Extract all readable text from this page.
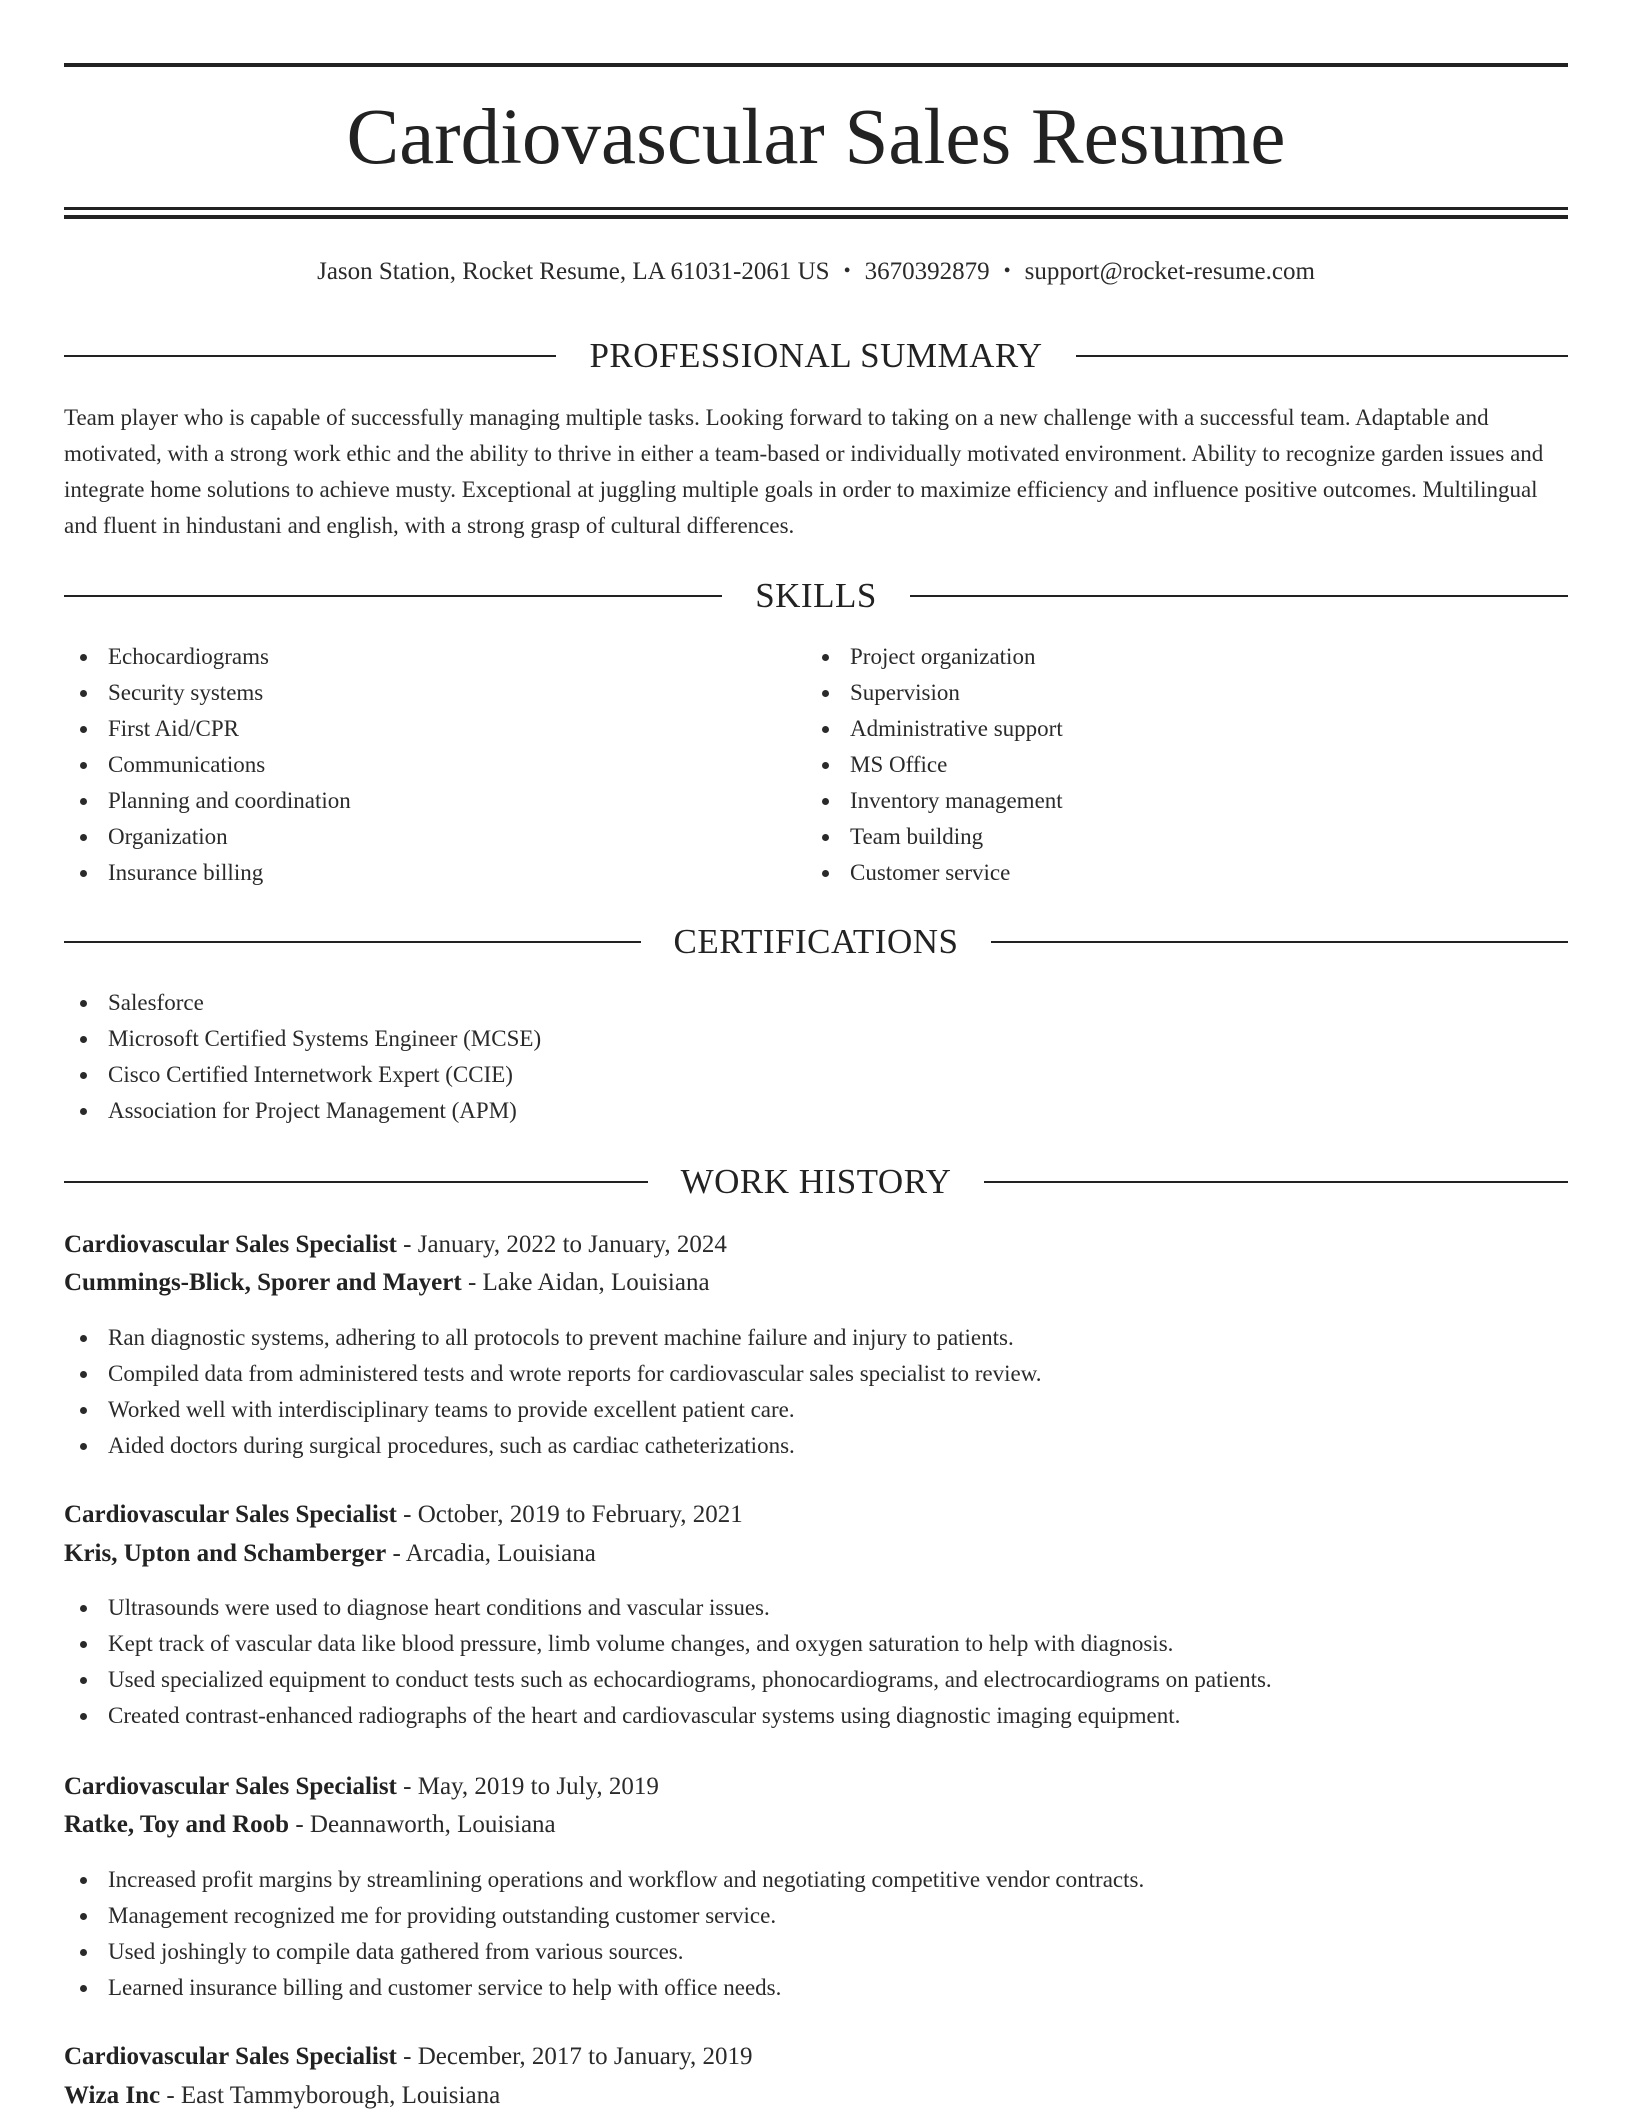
Cardiovascular Sales Resume
Jason Station, Rocket Resume, LA 61031-2061 US • 3670392879 • support@rocket-resume.com
PROFESSIONAL SUMMARY

Team player who is capable of successfully managing multiple tasks. Looking forward to taking on a new challenge with a successful team. Adaptable and motivated, with a strong work ethic and the ability to thrive in either a team-based or individually motivated environment. Ability to recognize garden issues and integrate home solutions to achieve musty. Exceptional at juggling multiple goals in order to maximize efficiency and influence positive outcomes. Multilingual and fluent in hindustani and english, with a strong grasp of cultural differences.

SKILLS
Echocardiograms
Security systems
First Aid/CPR
Communications
Planning and coordination
Organization
Insurance billing
Project organization
Supervision
Administrative support
MS Office
Inventory management
Team building
Customer service
CERTIFICATIONS
Salesforce
Microsoft Certified Systems Engineer (MCSE)
Cisco Certified Internetwork Expert (CCIE)
Association for Project Management (APM)
WORK HISTORY
Cardiovascular Sales Specialist - January, 2022 to January, 2024
Cummings-Blick, Sporer and Mayert - Lake Aidan, Louisiana
Ran diagnostic systems, adhering to all protocols to prevent machine failure and injury to patients.
Compiled data from administered tests and wrote reports for cardiovascular sales specialist to review.
Worked well with interdisciplinary teams to provide excellent patient care.
Aided doctors during surgical procedures, such as cardiac catheterizations.
Cardiovascular Sales Specialist - October, 2019 to February, 2021
Kris, Upton and Schamberger - Arcadia, Louisiana
Ultrasounds were used to diagnose heart conditions and vascular issues.
Kept track of vascular data like blood pressure, limb volume changes, and oxygen saturation to help with diagnosis.
Used specialized equipment to conduct tests such as echocardiograms, phonocardiograms, and electrocardiograms on patients.
Created contrast-enhanced radiographs of the heart and cardiovascular systems using diagnostic imaging equipment.
Cardiovascular Sales Specialist - May, 2019 to July, 2019
Ratke, Toy and Roob - Deannaworth, Louisiana
Increased profit margins by streamlining operations and workflow and negotiating competitive vendor contracts.
Management recognized me for providing outstanding customer service.
Used joshingly to compile data gathered from various sources.
Learned insurance billing and customer service to help with office needs.
Cardiovascular Sales Specialist - December, 2017 to January, 2019
Wiza Inc - East Tammyborough, Louisiana
